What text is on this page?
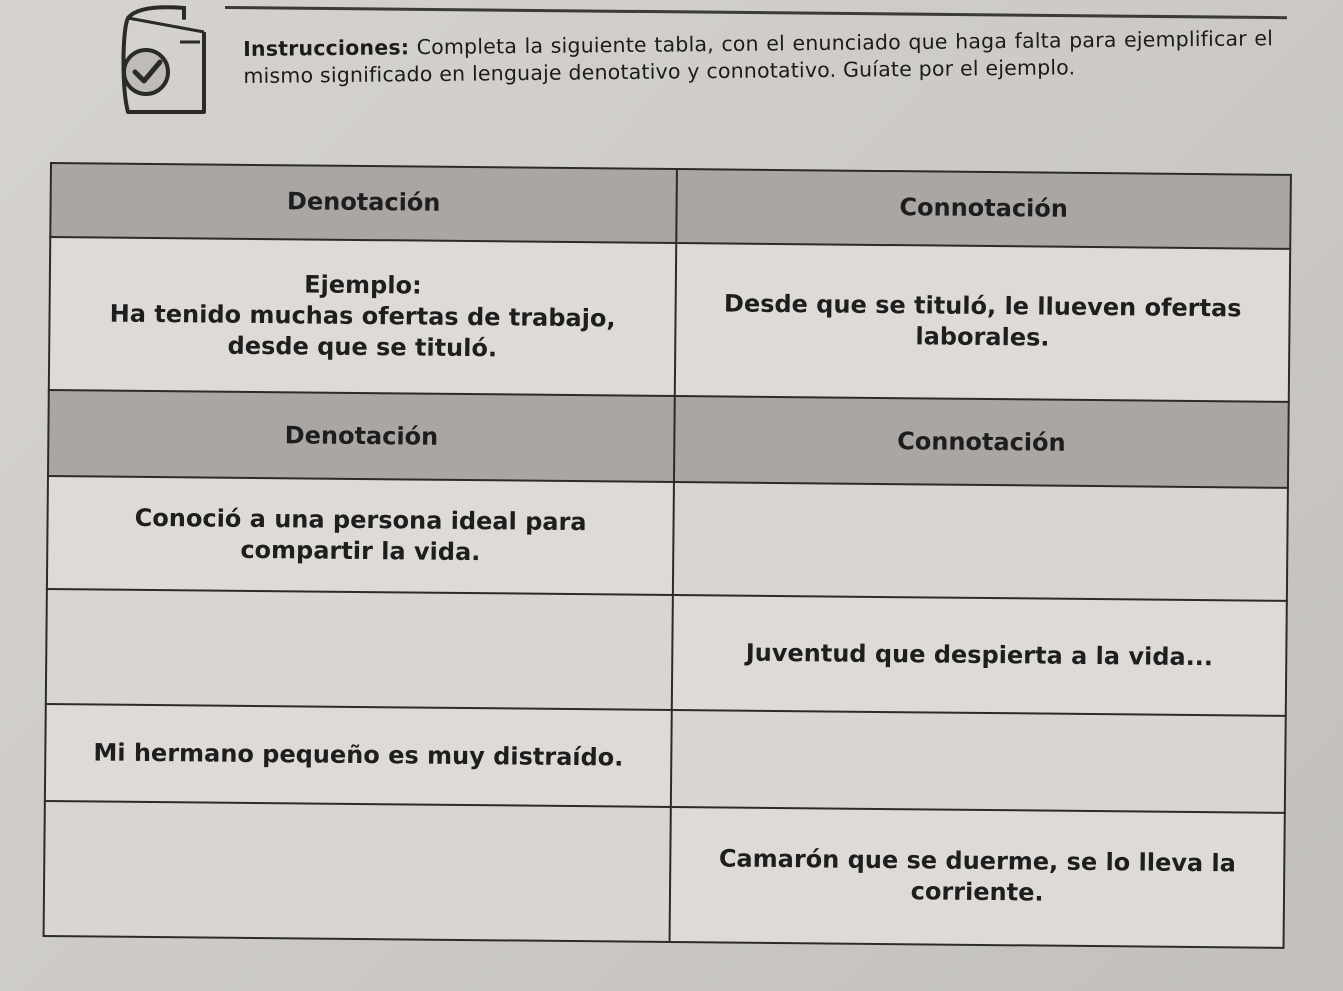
Instrucciones: Completa la siguiente tabla, con el enunciado que haga falta para ejemplificar el mismo significado en lenguaje denotativo y connotativo. Guíate por el ejemplo.
Denotación	Connotación

Ejemplo:
Ha tenido muchas ofertas de trabajo, desde que se tituló.	Desde que se tituló, le llueven ofertas laborales.
Denotación	Connotación
Conoció a una persona ideal para compartir la vida.	
	Juventud que despierta a la vida...
Mi hermano pequeño es muy distraído.	
	Camarón que se duerme, se lo lleva la corriente.
